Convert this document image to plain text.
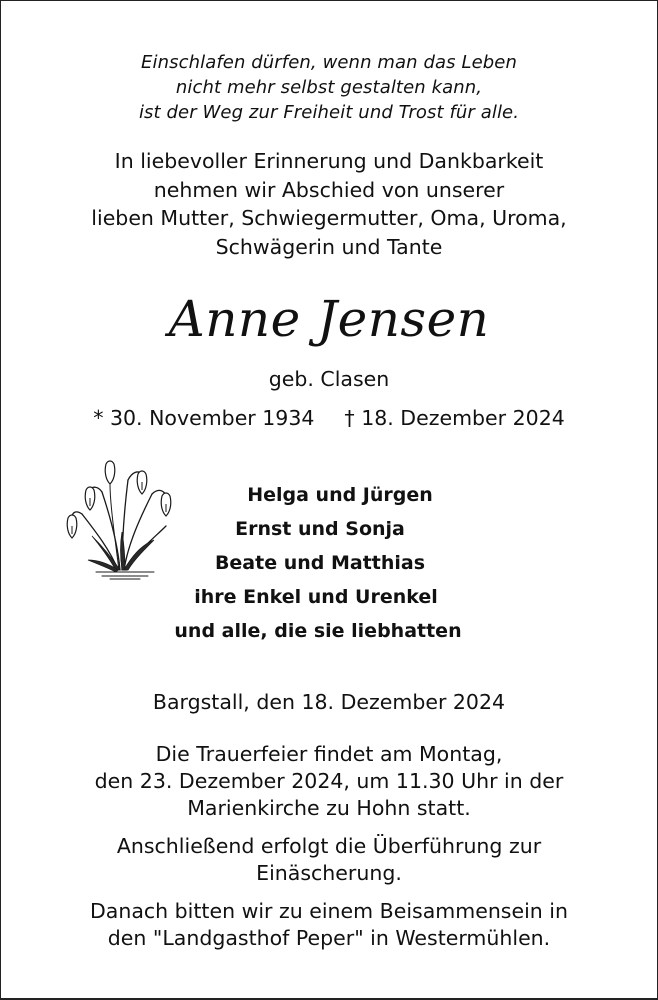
Einschlafen dürfen, wenn man das Leben
nicht mehr selbst gestalten kann,
ist der Weg zur Freiheit und Trost für alle.
In liebevoller Erinnerung und Dankbarkeit
nehmen wir Abschied von unserer
lieben Mutter, Schwiegermutter, Oma, Uroma,
Schwägerin und Tante
Anne Jensen
geb. Clasen
* 30. November 1934 † 18. Dezember 2024
Helga und Jürgen
Ernst und Sonja
Beate und Matthias
ihre Enkel und Urenkel
und alle, die sie liebhatten
Bargstall, den 18. Dezember 2024
Die Trauerfeier findet am Montag,
den 23. Dezember 2024, um 11.30 Uhr in der
Marienkirche zu Hohn statt.
Anschließend erfolgt die Überführung zur
Einäscherung.
Danach bitten wir zu einem Beisammensein in
den "Landgasthof Peper" in Westermühlen.
